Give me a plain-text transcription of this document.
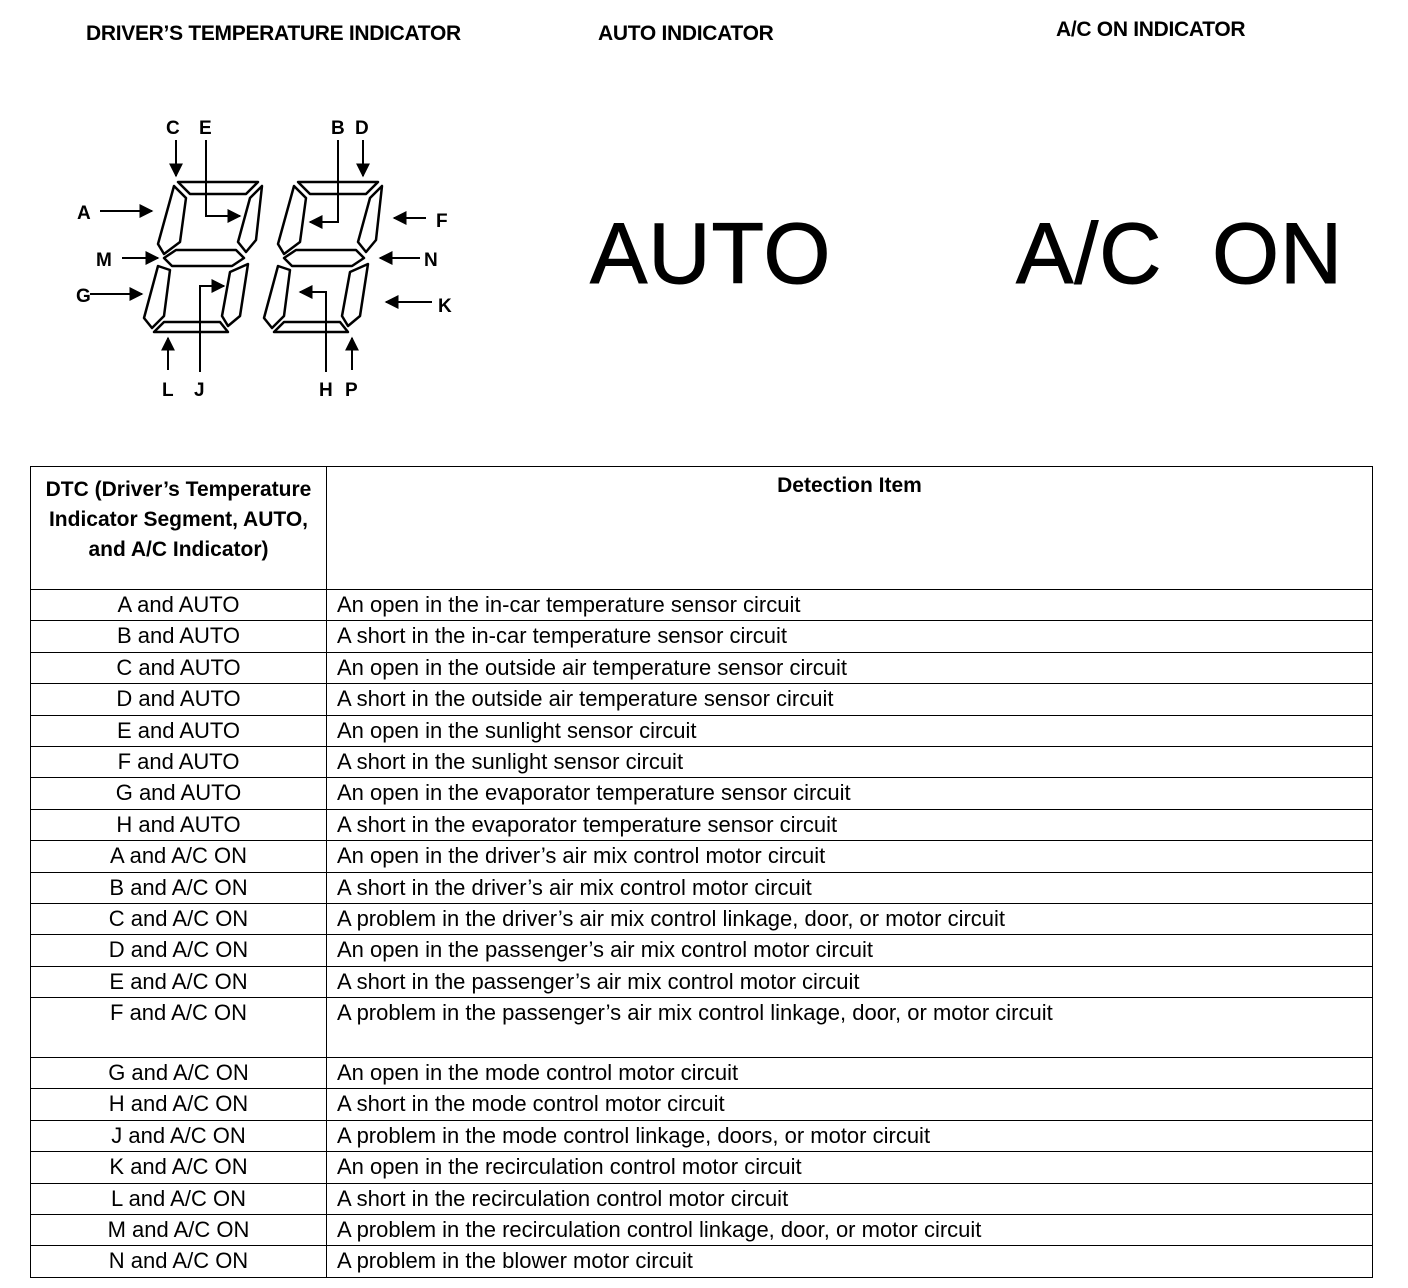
DRIVER’S TEMPERATURE INDICATOR	AUTO INDICATOR	A/C ON INDICATOR
C E	B D
A	F
M	N
G	K
L J	H P
AUTO A/C  ON
DTC (Driver’s Temperature Indicator Segment, AUTO, and A/C Indicator)	Detection Item
A and AUTO	An open in the in-car temperature sensor circuit
B and AUTO	A short in the in-car temperature sensor circuit
C and AUTO	An open in the outside air temperature sensor circuit
D and AUTO	A short in the outside air temperature sensor circuit
E and AUTO	An open in the sunlight sensor circuit
F and AUTO	A short in the sunlight sensor circuit
G and AUTO	An open in the evaporator temperature sensor circuit
H and AUTO	A short in the evaporator temperature sensor circuit
A and A/C ON	An open in the driver’s air mix control motor circuit
B and A/C ON	A short in the driver’s air mix control motor circuit
C and A/C ON	A problem in the driver’s air mix control linkage, door, or motor circuit
D and A/C ON	An open in the passenger’s air mix control motor circuit
E and A/C ON	A short in the passenger’s air mix control motor circuit
F and A/C ON	A problem in the passenger’s air mix control linkage, door, or motor circuit
G and A/C ON	An open in the mode control motor circuit
H and A/C ON	A short in the mode control motor circuit
J and A/C ON	A problem in the mode control linkage, doors, or motor circuit
K and A/C ON	An open in the recirculation control motor circuit
L and A/C ON	A short in the recirculation control motor circuit
M and A/C ON	A problem in the recirculation control linkage, door, or motor circuit
N and A/C ON	A problem in the blower motor circuit
